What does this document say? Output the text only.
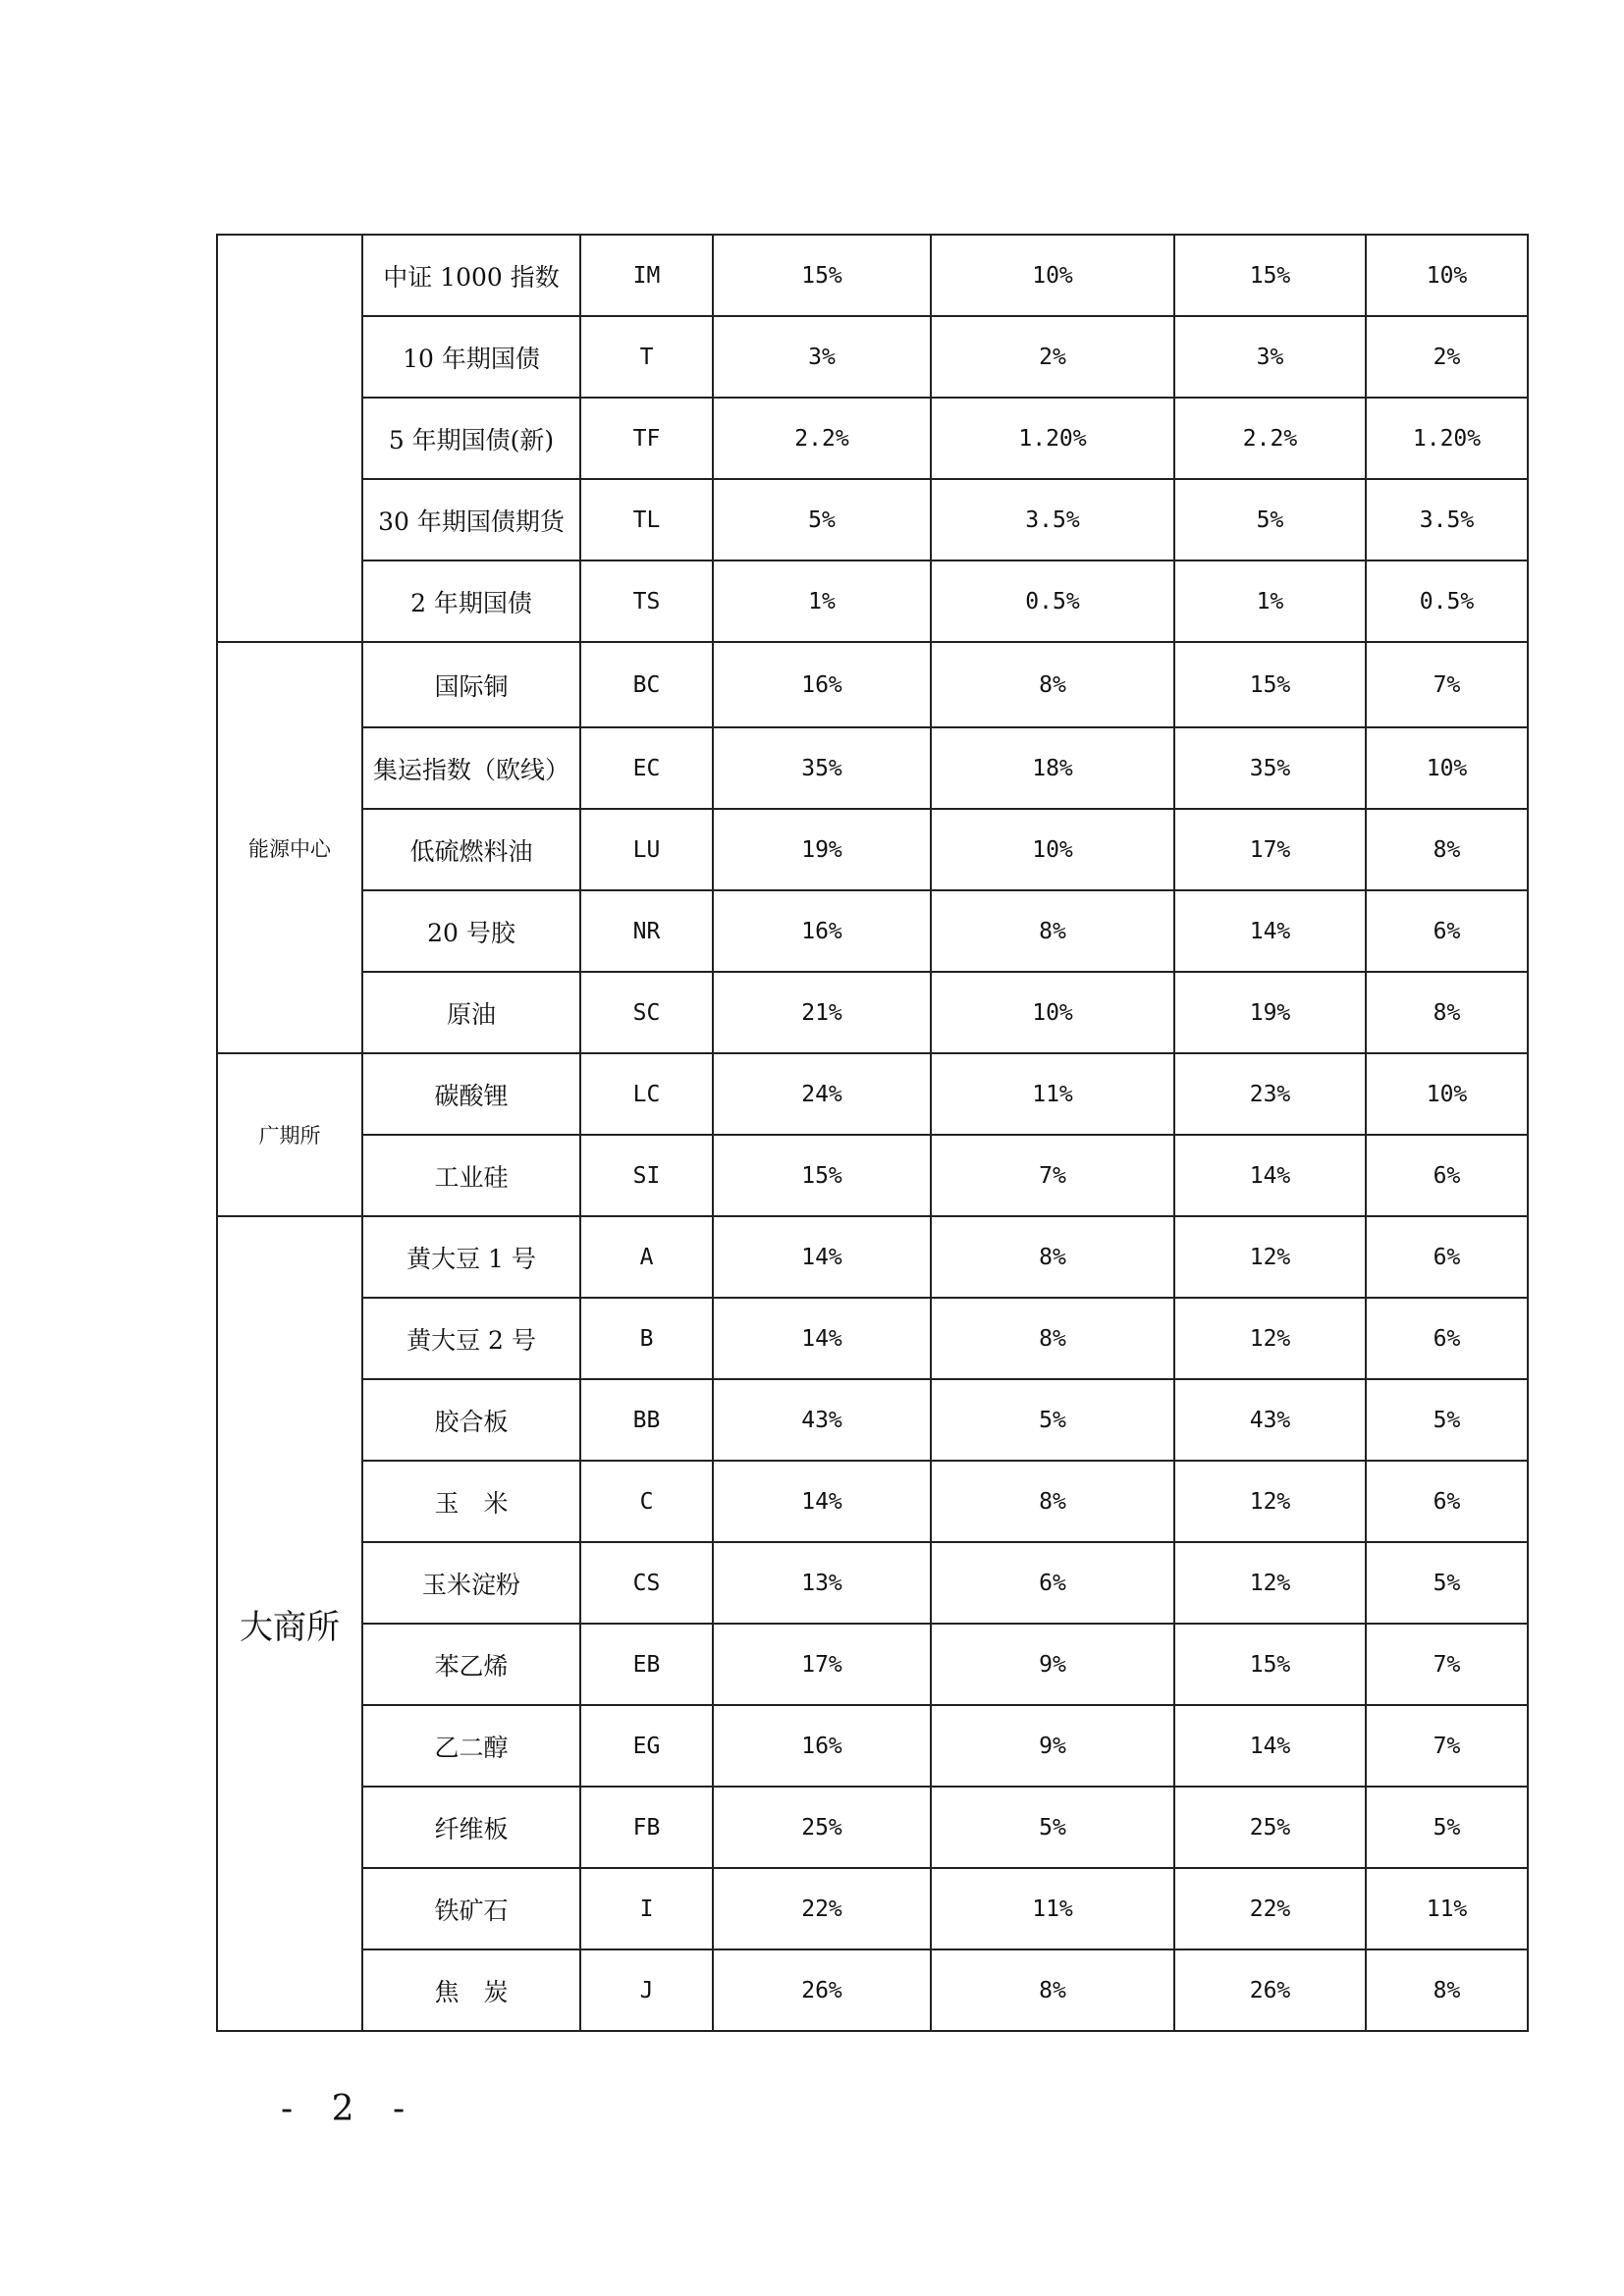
	中证 1000 指数	IM	15%	10%	15%	10%
	10 年期国债	T	3%	2%	3%	2%
	5 年期国债(新)	TF	2.2%	1.20%	2.2%	1.20%
	30 年期国债期货	TL	5%	3.5%	5%	3.5%
	2 年期国债	TS	1%	0.5%	1%	0.5%
能源中心	国际铜	BC	16%	8%	15%	7%
	集运指数（欧线）	EC	35%	18%	35%	10%
	低硫燃料油	LU	19%	10%	17%	8%
	20 号胶	NR	16%	8%	14%	6%
	原油	SC	21%	10%	19%	8%
广期所	碳酸锂	LC	24%	11%	23%	10%
	工业硅	SI	15%	7%	14%	6%
大商所	黄大豆 1 号	A	14%	8%	12%	6%
	黄大豆 2 号	B	14%	8%	12%	6%
	胶合板	BB	43%	5%	43%	5%
	玉　米	C	14%	8%	12%	6%
	玉米淀粉	CS	13%	6%	12%	5%
	苯乙烯	EB	17%	9%	15%	7%
	乙二醇	EG	16%	9%	14%	7%
	纤维板	FB	25%	5%	25%	5%
	铁矿石	I	22%	11%	22%	11%
	焦　炭	J	26%	8%	26%	8%
- 2 -
